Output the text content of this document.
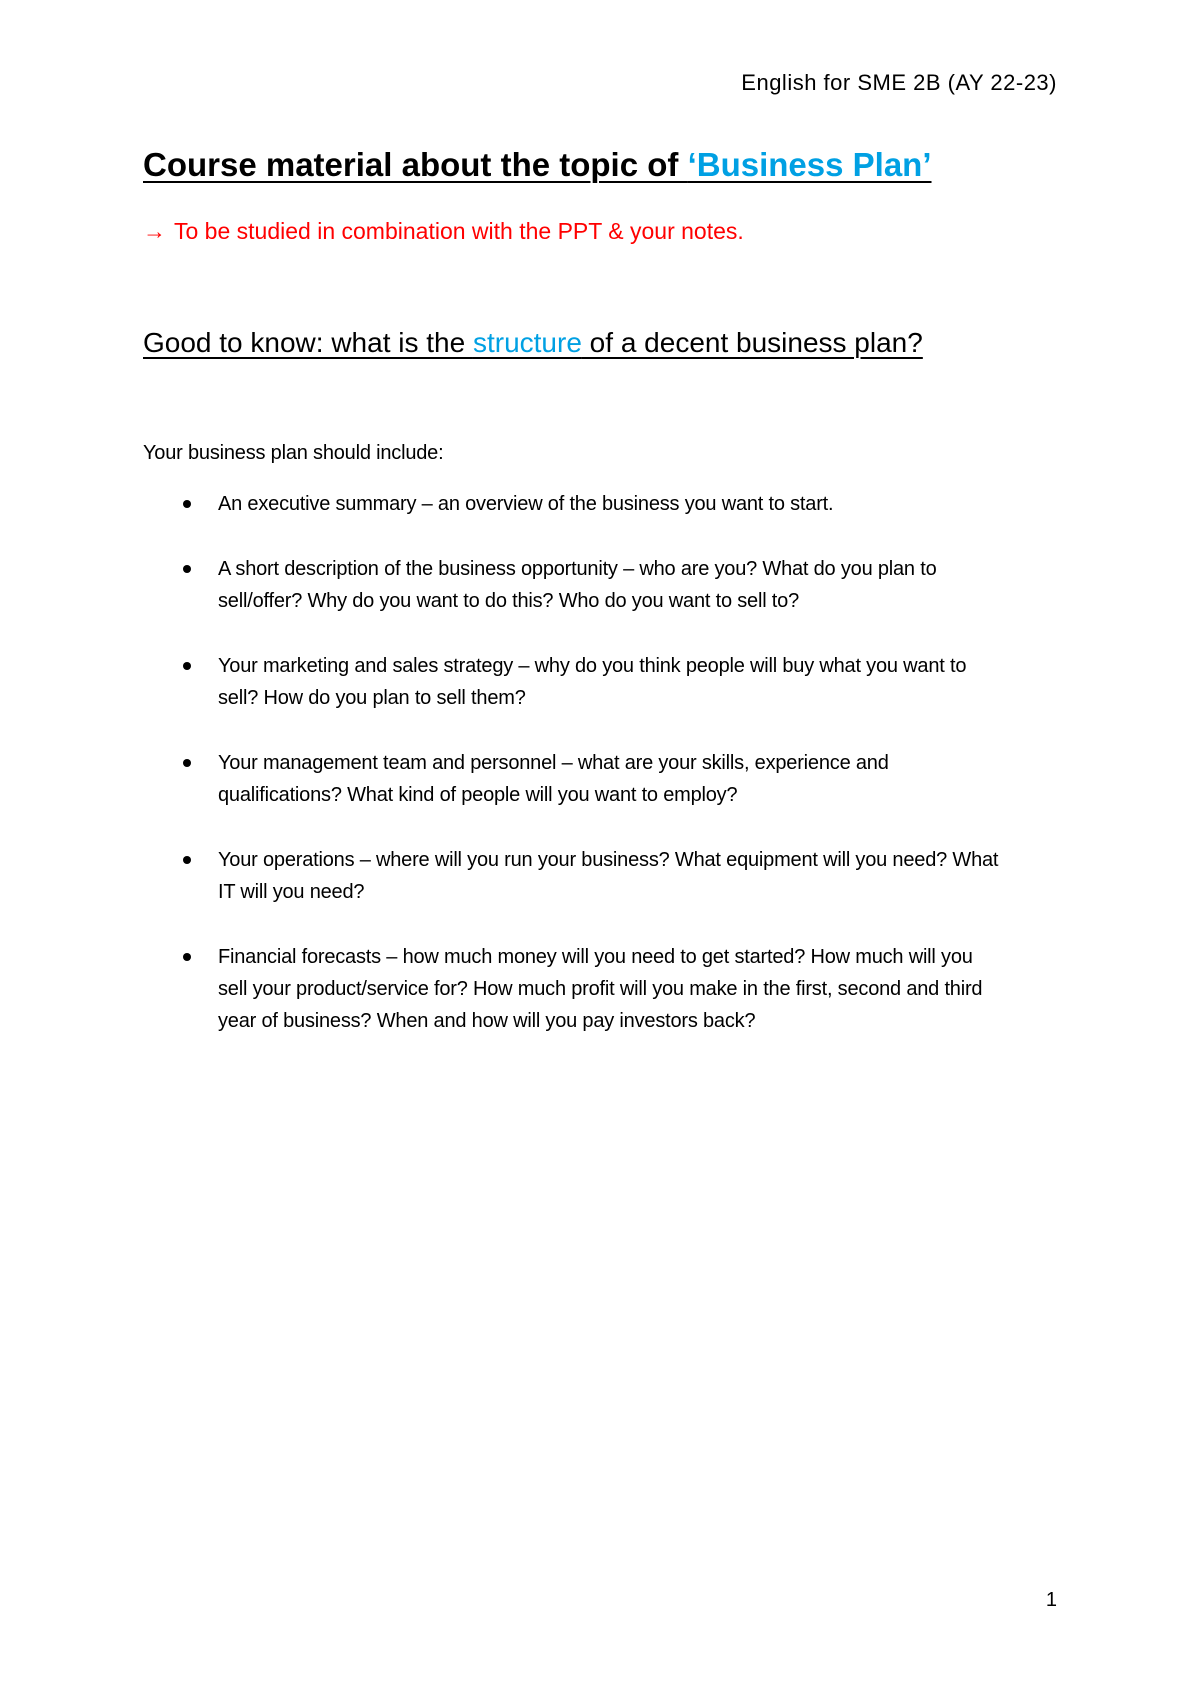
English for SME 2B (AY 22-23)
Course material about the topic of ‘Business Plan’
→ To be studied in combination with the PPT & your notes.
Good to know: what is the structure of a decent business plan?

Your business plan should include:

An executive summary – an overview of the business you want to start.
A short description of the business opportunity – who are you? What do you plan to sell/offer? Why do you want to do this? Who do you want to sell to?
Your marketing and sales strategy – why do you think people will buy what you want to sell? How do you plan to sell them?
Your management team and personnel – what are your skills, experience and qualifications? What kind of people will you want to employ?
Your operations – where will you run your business? What equipment will you need? What IT will you need?
Financial forecasts – how much money will you need to get started? How much will you sell your product/service for? How much profit will you make in the first, second and third year of business? When and how will you pay investors back?
1
